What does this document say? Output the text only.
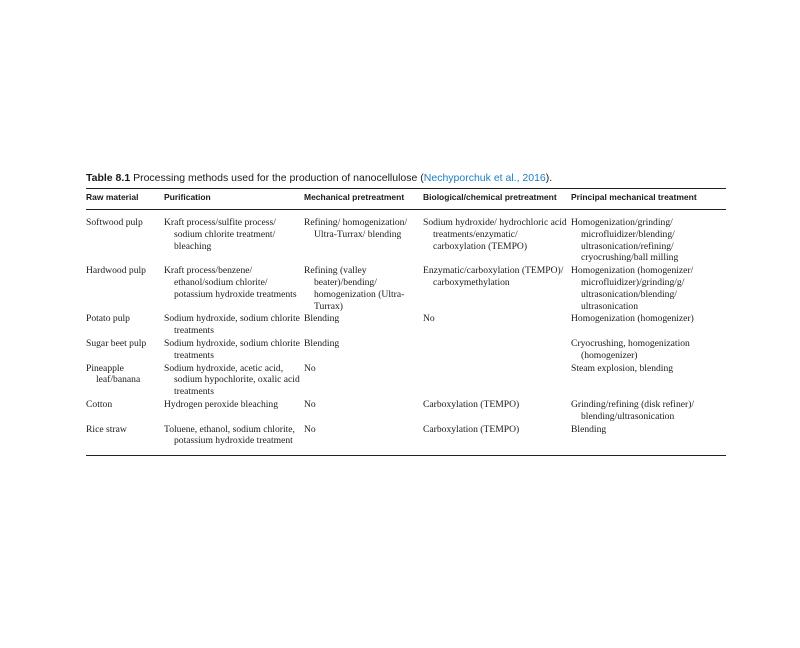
Table 8.1 Processing methods used for the production of nanocellulose (Nechyporchuk et al., 2016).

Raw material	Purification	Mechanical pretreatment	Biological/chemical pretreatment	Principal mechanical treatment
Softwood pulp	Kraft process/sulfite process/ sodium chlorite treatment/ bleaching	Refining/ homogenization/ Ultra-Turrax/ blending	Sodium hydroxide/ hydrochloric acid treatments/enzymatic/ carboxylation (TEMPO)	Homogenization/grinding/ microfluidizer/blending/ ultrasonication/refining/ cryocrushing/ball milling
Hardwood pulp	Kraft process/benzene/ ethanol/sodium chlorite/ potassium hydroxide treatments	Refining (valley beater)/bending/ homogenization (Ultra-Turrax)	Enzymatic/carboxylation (TEMPO)/ carboxymethylation	Homogenization (homogenizer/ microfluidizer)/grinding/g/ ultrasonication/blending/ ultrasonication
Potato pulp	Sodium hydroxide, sodium chlorite treatments	Blending	No	Homogenization (homogenizer)
Sugar beet pulp	Sodium hydroxide, sodium chlorite treatments	Blending		Cryocrushing, homogenization (homogenizer)
Pineapple leaf/banana	Sodium hydroxide, acetic acid, sodium hypochlorite, oxalic acid treatments	No		Steam explosion, blending
Cotton	Hydrogen peroxide bleaching	No	Carboxylation (TEMPO)	Grinding/refining (disk refiner)/ blending/ultrasonication
Rice straw	Toluene, ethanol, sodium chlorite, potassium hydroxide treatment	No	Carboxylation (TEMPO)	Blending
